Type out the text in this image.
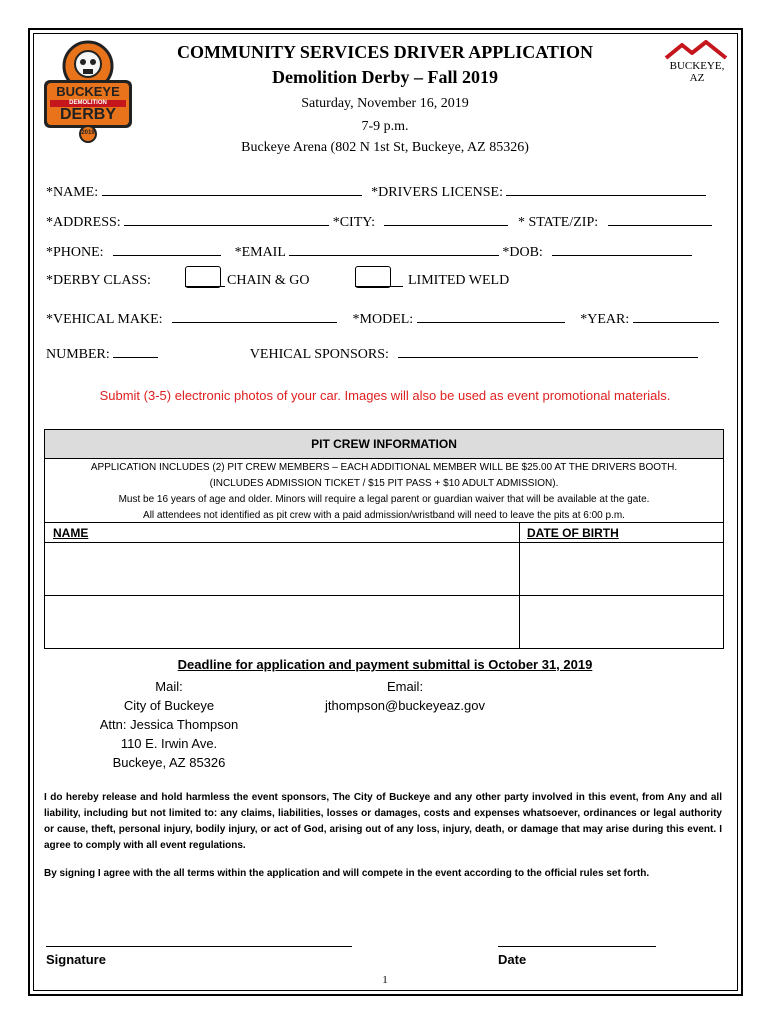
BUCKEYE
DEMOLITION
DERBY
2019
BUCKEYE, AZ
COMMUNITY SERVICES DRIVER APPLICATION
Demolition Derby – Fall 2019
Saturday, November 16, 2019
7-9 p.m.
Buckeye Arena (802 N 1st St, Buckeye, AZ 85326)
*NAME:	*DRIVERS LICENSE:
*ADDRESS:	*CITY:	* STATE/ZIP:
*PHONE:	*EMAIL	*DOB:
*DERBY CLASS:	CHAIN & GO	LIMITED WELD
*VEHICAL MAKE:	*MODEL:	*YEAR:
NUMBER:	VEHICAL SPONSORS:
Submit (3-5) electronic photos of your car. Images will also be used as event promotional materials.
PIT CREW INFORMATION
APPLICATION INCLUDES (2) PIT CREW MEMBERS – EACH ADDITIONAL MEMBER WILL BE $25.00 AT THE DRIVERS BOOTH.
(INCLUDES ADMISSION TICKET / $15 PIT PASS + $10 ADULT ADMISSION).
Must be 16 years of age and older. Minors will require a legal parent or guardian waiver that will be available at the gate.
All attendees not identified as pit crew with a paid admission/wristband will need to leave the pits at 6:00 p.m.
NAME	DATE OF BIRTH
Deadline for application and payment submittal is October 31, 2019
Mail:
City of Buckeye
Attn: Jessica Thompson
110 E. Irwin Ave.
Buckeye, AZ 85326
Email:
jthompson@buckeyeaz.gov
I do hereby release and hold harmless the event sponsors, The City of Buckeye and any other party involved in this event, from Any and all liability, including but not limited to: any claims, liabilities, losses or damages, costs and expenses whatsoever, ordinances or legal authority or cause, theft, personal injury, bodily injury, or act of God, arising out of any loss, injury, death, or damage that may arise during this event. I agree to comply with all event regulations.
By signing I agree with the all terms within the application and will compete in the event according to the official rules set forth.
Signature	Date
1
